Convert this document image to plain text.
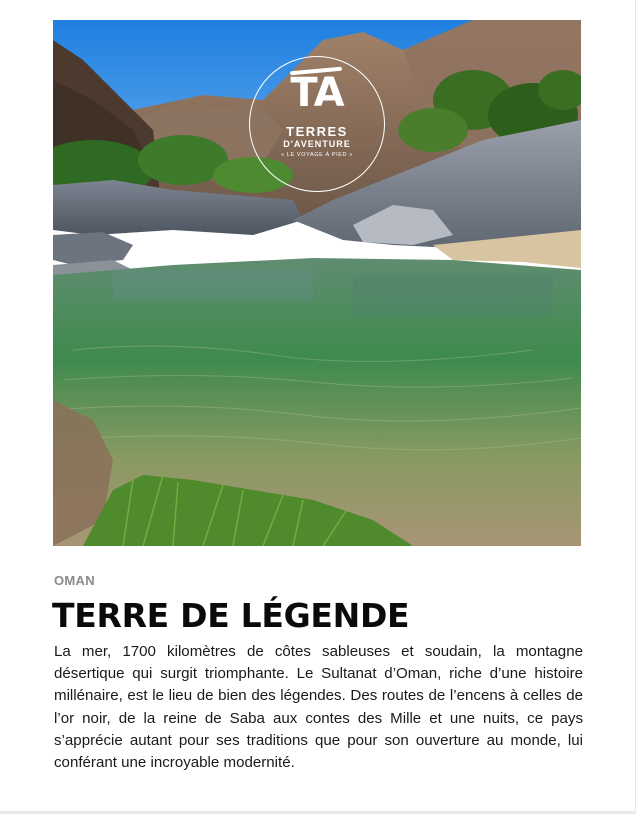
TA
TERRES
D'AVENTURE
« LE VOYAGE À PIED »
OMAN
TERRE DE LÉGENDE

La mer, 1700 kilomètres de côtes sableuses et soudain, la montagne désertique qui surgit triomphante. Le Sultanat d’Oman, riche d’une histoire millénaire, est le lieu de bien des légendes. Des routes de l’encens à celles de l’or noir, de la reine de Saba aux contes des Mille et une nuits, ce pays s’apprécie autant pour ses traditions que pour son ouverture au monde, lui conférant une incroyable modernité.
